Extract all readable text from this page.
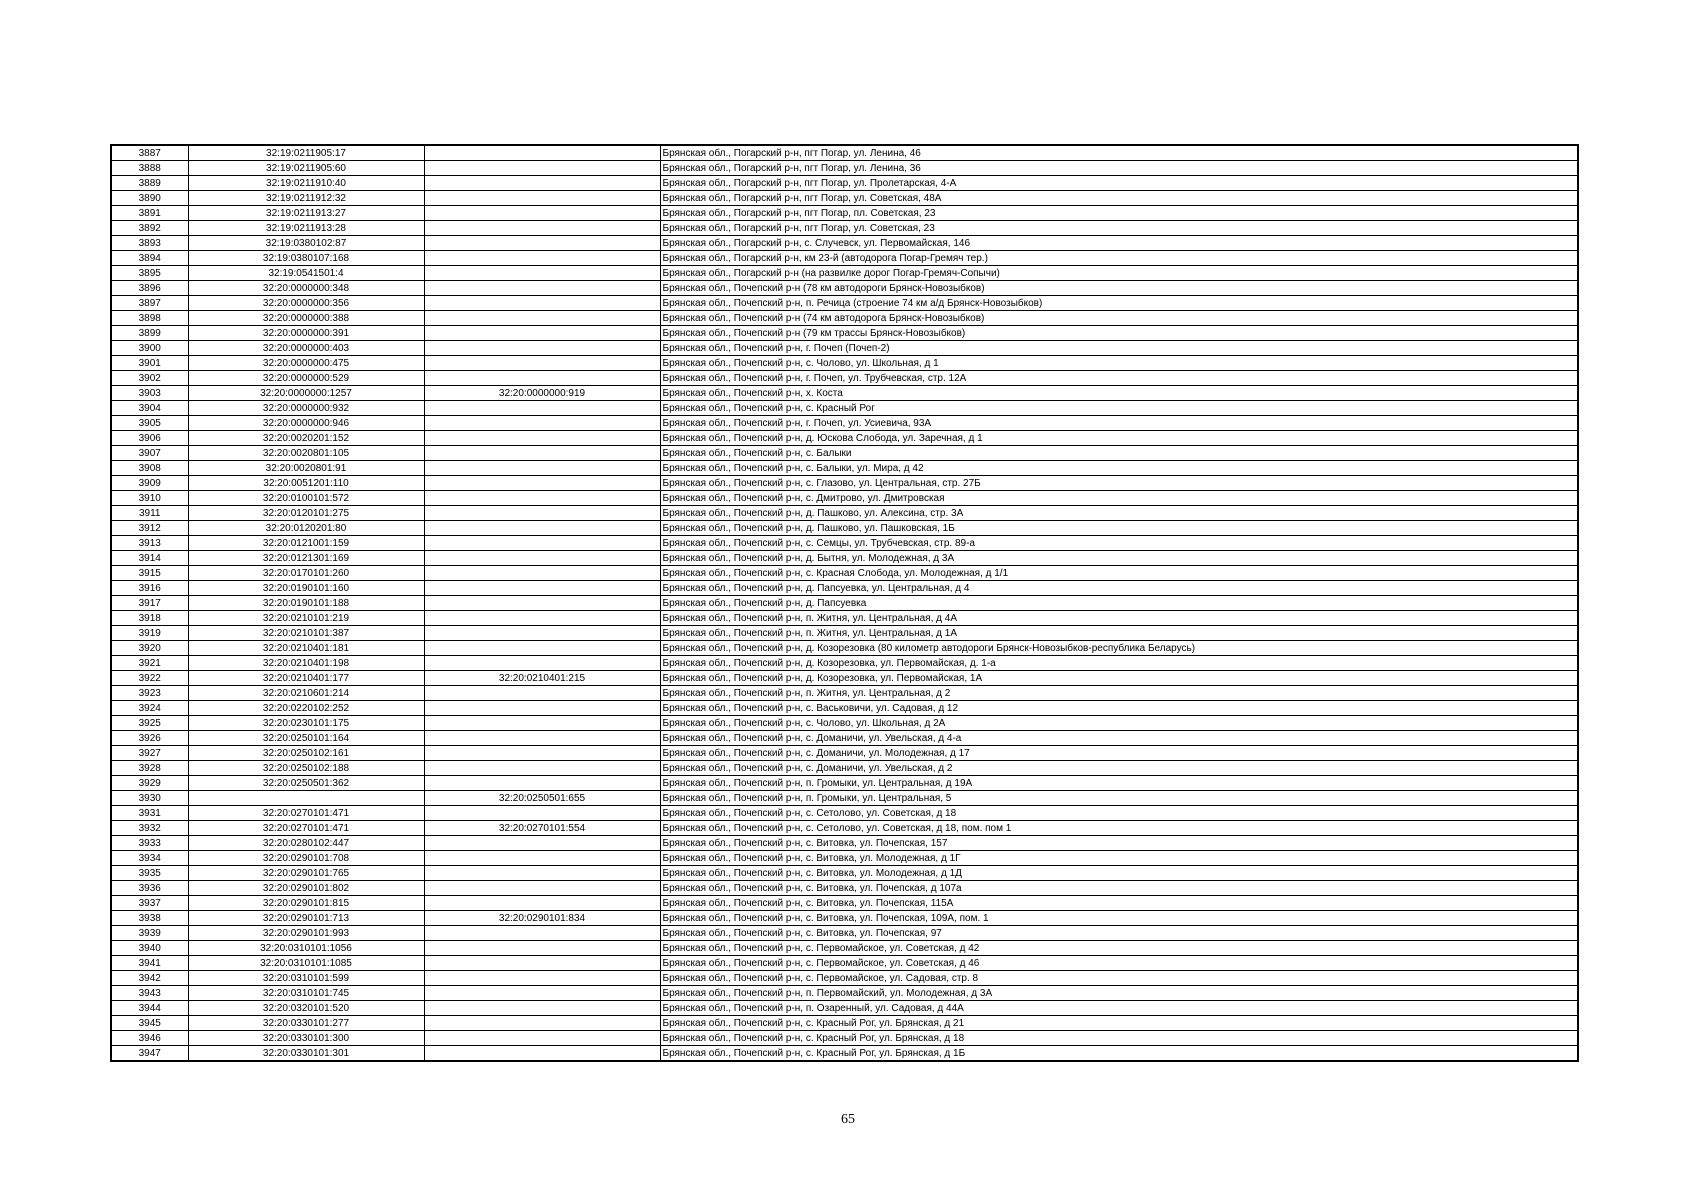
3887	32:19:0211905:17		Брянская обл., Погарский р-н, пгт Погар, ул. Ленина, 46
3888	32:19:0211905:60		Брянская обл., Погарский р-н, пгт Погар, ул. Ленина, 36
3889	32:19:0211910:40		Брянская обл., Погарский р-н, пгт Погар, ул. Пролетарская, 4-А
3890	32:19:0211912:32		Брянская обл., Погарский р-н, пгт Погар, ул. Советская, 48А
3891	32:19:0211913:27		Брянская обл., Погарский р-н, пгт Погар, пл. Советская, 23
3892	32:19:0211913:28		Брянская обл., Погарский р-н, пгт Погар, ул. Советская, 23
3893	32:19:0380102:87		Брянская обл., Погарский р-н, с. Случевск, ул. Первомайская, 146
3894	32:19:0380107:168		Брянская обл., Погарский р-н, км 23-й (автодорога Погар-Гремяч тер.)
3895	32:19:0541501:4		Брянская обл., Погарский р-н (на развилке дорог Погар-Гремяч-Сопычи)
3896	32:20:0000000:348		Брянская обл., Почепский р-н (78 км автодороги Брянск-Новозыбков)
3897	32:20:0000000:356		Брянская обл., Почепский р-н, п. Речица (строение 74 км а/д Брянск-Новозыбков)
3898	32:20:0000000:388		Брянская обл., Почепский р-н (74 км автодорога Брянск-Новозыбков)
3899	32:20:0000000:391		Брянская обл., Почепский р-н (79 км трассы Брянск-Новозыбков)
3900	32:20:0000000:403		Брянская обл., Почепский р-н, г. Почеп (Почеп-2)
3901	32:20:0000000:475		Брянская обл., Почепский р-н, с. Чолово, ул. Школьная, д 1
3902	32:20:0000000:529		Брянская обл., Почепский р-н, г. Почеп, ул. Трубчевская, стр. 12А
3903	32:20:0000000:1257	32:20:0000000:919	Брянская обл., Почепский р-н, х. Коста
3904	32:20:0000000:932		Брянская обл., Почепский р-н, с. Красный Рог
3905	32:20:0000000:946		Брянская обл., Почепский р-н, г. Почеп, ул. Усиевича, 93А
3906	32:20:0020201:152		Брянская обл., Почепский р-н, д. Юскова Слобода, ул. Заречная, д 1
3907	32:20:0020801:105		Брянская обл., Почепский р-н, с. Балыки
3908	32:20:0020801:91		Брянская обл., Почепский р-н, с. Балыки, ул. Мира, д 42
3909	32:20:0051201:110		Брянская обл., Почепский р-н, с. Глазово, ул. Центральная, стр. 27Б
3910	32:20:0100101:572		Брянская обл., Почепский р-н, с. Дмитрово, ул. Дмитровская
3911	32:20:0120101:275		Брянская обл., Почепский р-н, д. Пашково, ул. Алексина, стр. 3А
3912	32:20:0120201:80		Брянская обл., Почепский р-н, д. Пашково, ул. Пашковская, 1Б
3913	32:20:0121001:159		Брянская обл., Почепский р-н, с. Семцы, ул. Трубчевская, стр. 89-а
3914	32:20:0121301:169		Брянская обл., Почепский р-н, д. Бытня, ул. Молодежная, д 3А
3915	32:20:0170101:260		Брянская обл., Почепский р-н, с. Красная Слобода, ул. Молодежная, д 1/1
3916	32:20:0190101:160		Брянская обл., Почепский р-н, д. Папсуевка, ул. Центральная, д 4
3917	32:20:0190101:188		Брянская обл., Почепский р-н, д. Папсуевка
3918	32:20:0210101:219		Брянская обл., Почепский р-н, п. Житня, ул. Центральная, д 4А
3919	32:20:0210101:387		Брянская обл., Почепский р-н, п. Житня, ул. Центральная, д 1А
3920	32:20:0210401:181		Брянская обл., Почепский р-н, д. Козорезовка (80 километр автодороги Брянск-Новозыбков-республика Беларусь)
3921	32:20:0210401:198		Брянская обл., Почепский р-н, д. Козорезовка, ул. Первомайская, д. 1-а
3922	32:20:0210401:177	32:20:0210401:215	Брянская обл., Почепский р-н, д. Козорезовка, ул. Первомайская, 1А
3923	32:20:0210601:214		Брянская обл., Почепский р-н, п. Житня, ул. Центральная, д 2
3924	32:20:0220102:252		Брянская обл., Почепский р-н, с. Васьковичи, ул. Садовая, д 12
3925	32:20:0230101:175		Брянская обл., Почепский р-н, с. Чолово, ул. Школьная, д 2А
3926	32:20:0250101:164		Брянская обл., Почепский р-н, с. Доманичи, ул. Увельская, д 4-а
3927	32:20:0250102:161		Брянская обл., Почепский р-н, с. Доманичи, ул. Молодежная, д 17
3928	32:20:0250102:188		Брянская обл., Почепский р-н, с. Доманичи, ул. Увельская, д 2
3929	32:20:0250501:362		Брянская обл., Почепский р-н, п. Громыки, ул. Центральная, д 19А
3930		32:20:0250501:655	Брянская обл., Почепский р-н, п. Громыки, ул. Центральная, 5
3931	32:20:0270101:471		Брянская обл., Почепский р-н, с. Сетолово, ул. Советская, д 18
3932	32:20:0270101:471	32:20:0270101:554	Брянская обл., Почепский р-н, с. Сетолово, ул. Советская, д 18, пом. пом 1
3933	32:20:0280102:447		Брянская обл., Почепский р-н, с. Витовка, ул. Почепская, 157
3934	32:20:0290101:708		Брянская обл., Почепский р-н, с. Витовка, ул. Молодежная, д 1Г
3935	32:20:0290101:765		Брянская обл., Почепский р-н, с. Витовка, ул. Молодежная, д 1Д
3936	32:20:0290101:802		Брянская обл., Почепский р-н, с. Витовка, ул. Почепская, д 107а
3937	32:20:0290101:815		Брянская обл., Почепский р-н, с. Витовка, ул. Почепская, 115А
3938	32:20:0290101:713	32:20:0290101:834	Брянская обл., Почепский р-н, с. Витовка, ул. Почепская, 109А, пом. 1
3939	32:20:0290101:993		Брянская обл., Почепский р-н, с. Витовка, ул. Почепская, 97
3940	32:20:0310101:1056		Брянская обл., Почепский р-н, с. Первомайское, ул. Советская, д 42
3941	32:20:0310101:1085		Брянская обл., Почепский р-н, с. Первомайское, ул. Советская, д 46
3942	32:20:0310101:599		Брянская обл., Почепский р-н, с. Первомайское, ул. Садовая, стр. 8
3943	32:20:0310101:745		Брянская обл., Почепский р-н, п. Первомайский, ул. Молодежная, д 3А
3944	32:20:0320101:520		Брянская обл., Почепский р-н, п. Озаренный, ул. Садовая, д 44А
3945	32:20:0330101:277		Брянская обл., Почепский р-н, с. Красный Рог, ул. Брянская, д 21
3946	32:20:0330101:300		Брянская обл., Почепский р-н, с. Красный Рог, ул. Брянская, д 18
3947	32:20:0330101:301		Брянская обл., Почепский р-н, с. Красный Рог, ул. Брянская, д 1Б
65
